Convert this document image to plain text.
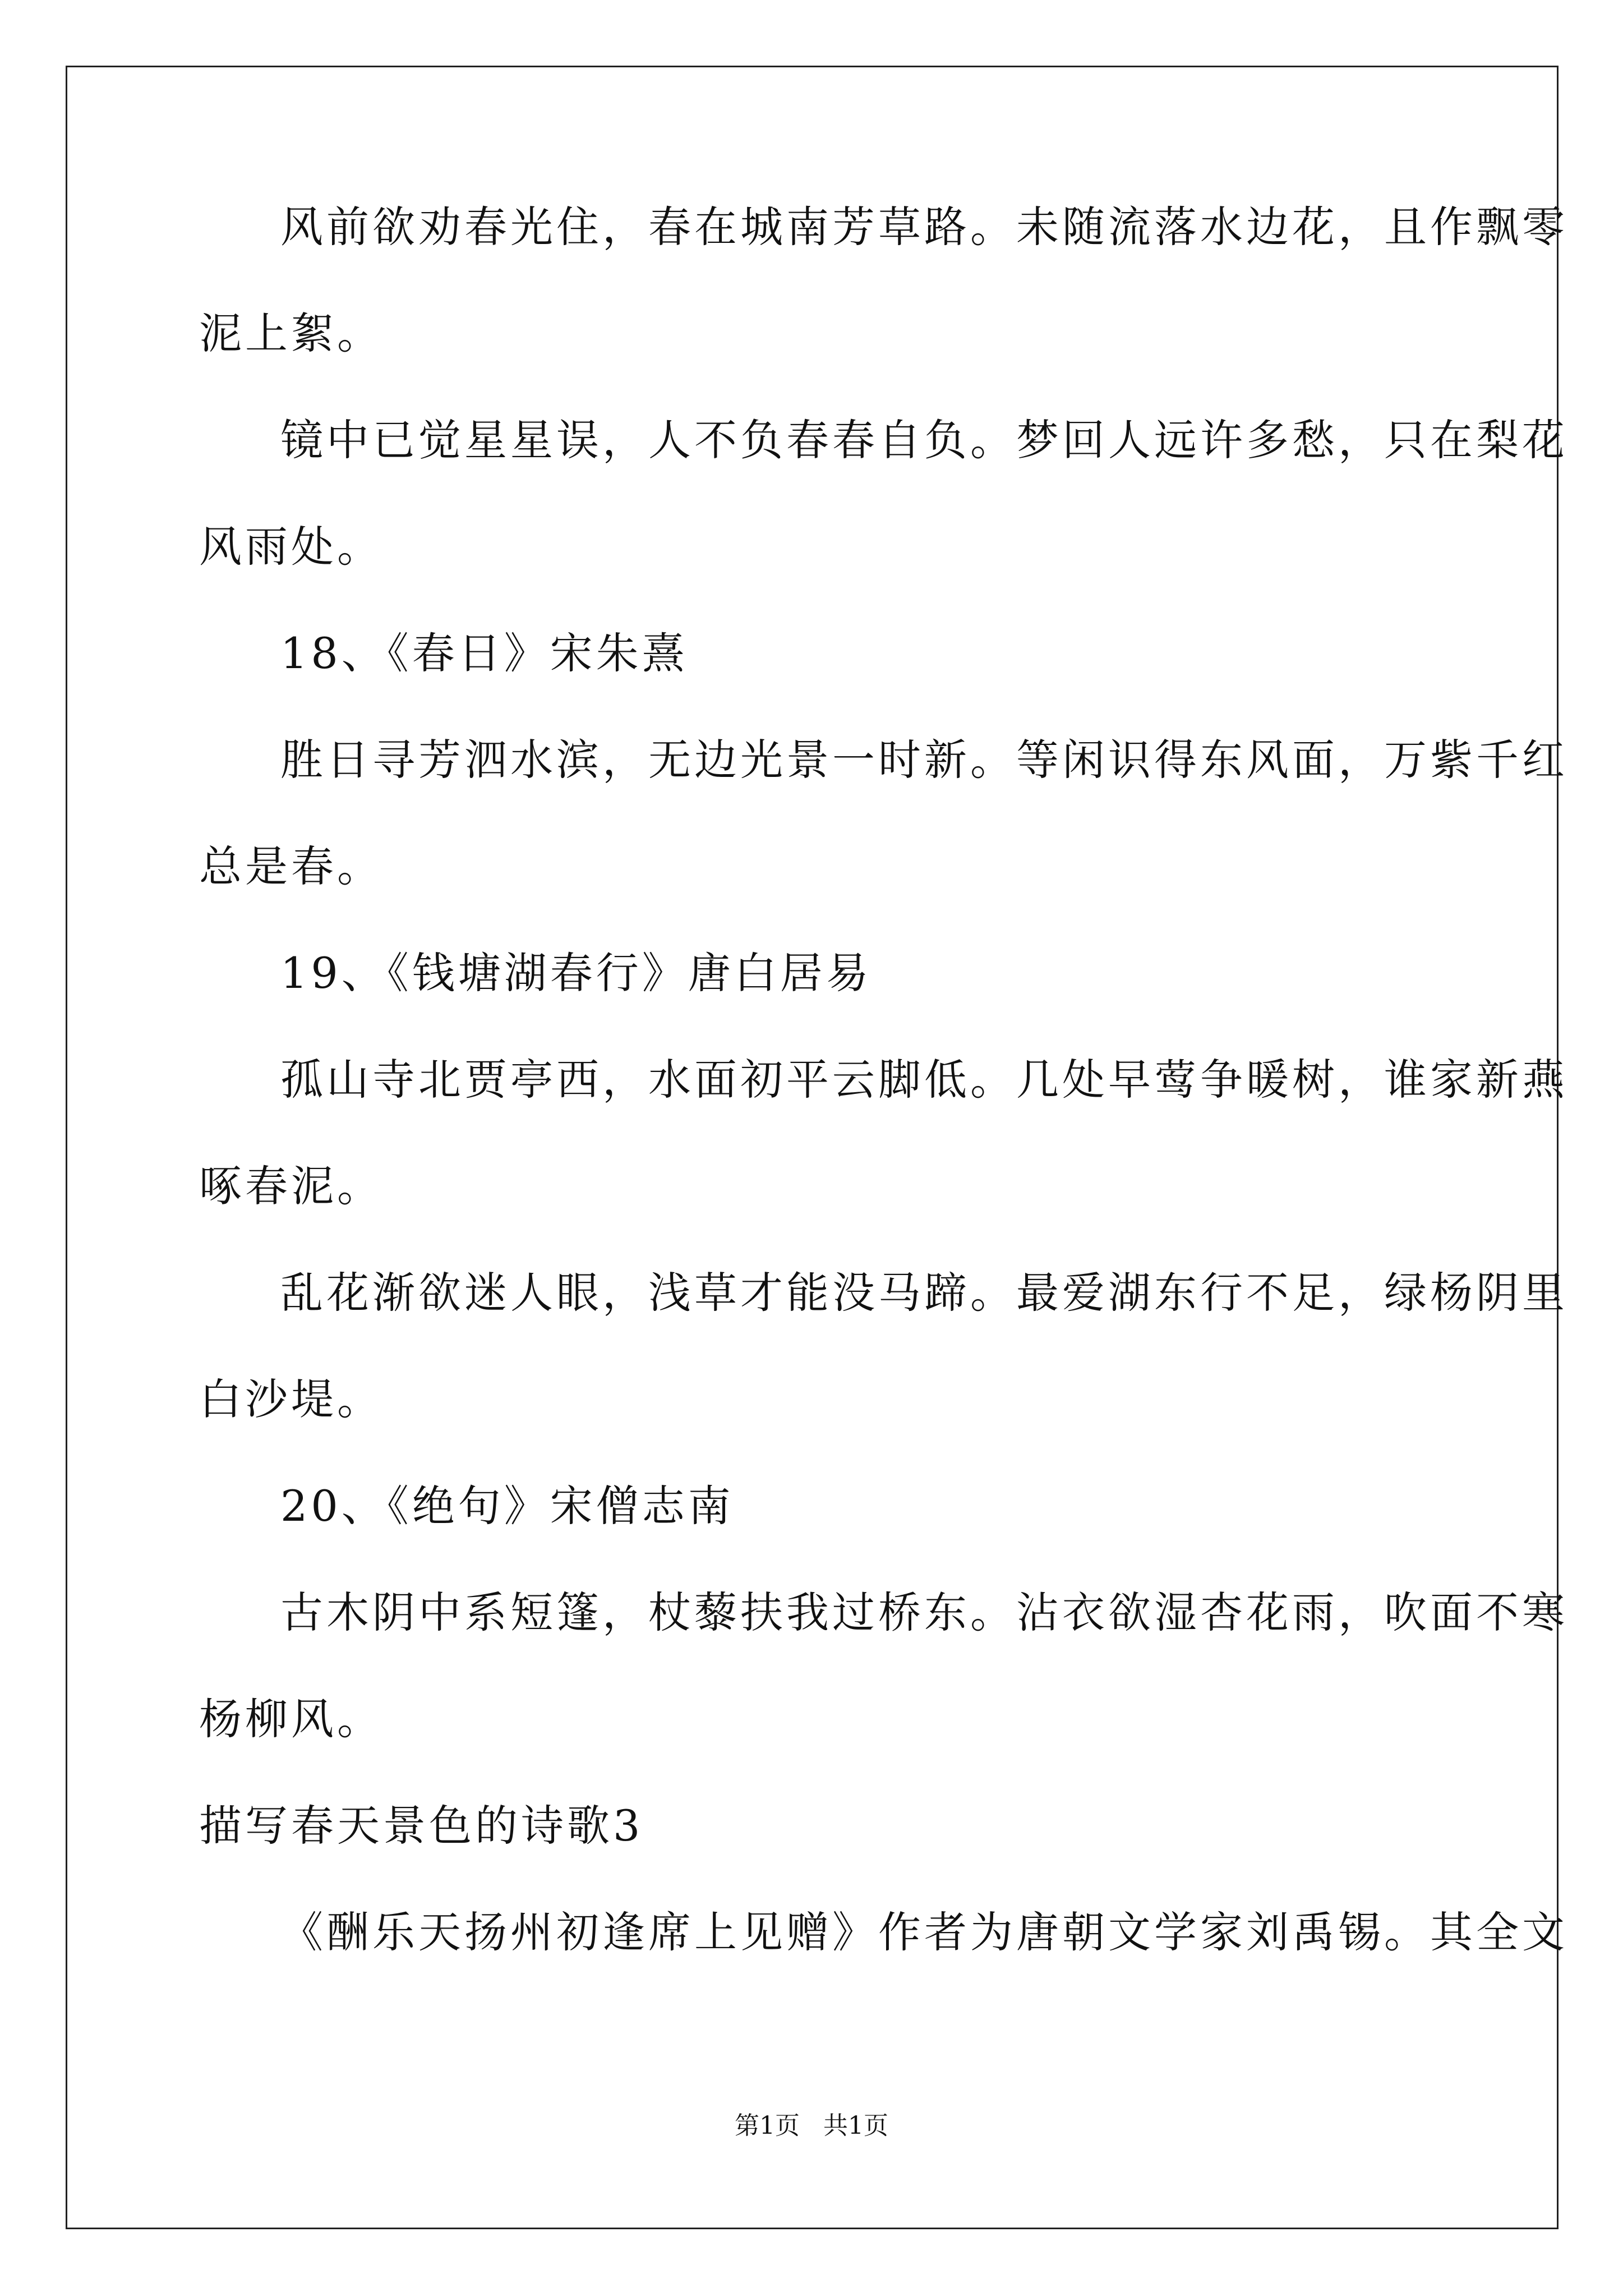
风前欲劝春光住，春在城南芳草路。未随流落水边花，且作飘零
泥上絮。
镜中已觉星星误，人不负春春自负。梦回人远许多愁，只在梨花
风雨处。
18、《春日》宋朱熹
胜日寻芳泗水滨，无边光景一时新。等闲识得东风面，万紫千红
总是春。
19、《钱塘湖春行》唐白居易
孤山寺北贾亭西，水面初平云脚低。几处早莺争暖树，谁家新燕
啄春泥。
乱花渐欲迷人眼，浅草才能没马蹄。最爱湖东行不足，绿杨阴里
白沙堤。
20、《绝句》宋僧志南
古木阴中系短篷，杖藜扶我过桥东。沾衣欲湿杏花雨，吹面不寒
杨柳风。
描写春天景色的诗歌3
《酬乐天扬州初逢席上见赠》作者为唐朝文学家刘禹锡。其全文
第1页   共1页
